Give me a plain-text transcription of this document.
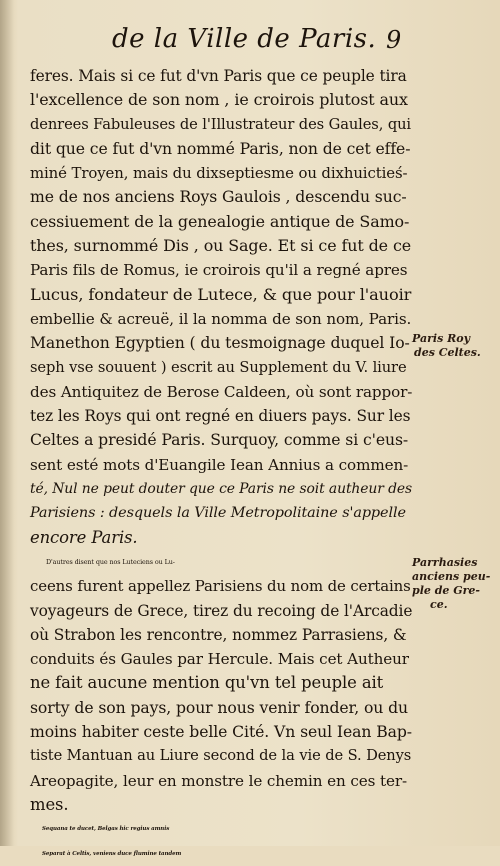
de la Ville de Paris. 9
feres. Mais si ce fut d'vn Paris que ce peuple tira
l'excellence de son nom , ie croirois plutost aux
denrees Fabuleuses de l'Illustrateur des Gaules, qui
dit que ce fut d'vn nommé Paris, non de cet effe-
miné Troyen, mais du dixseptiesme ou dixhuictieś-
me de nos anciens Roys Gaulois , descendu suc-
cessiuement de la genealogie antique de Samo-
thes, surnommé Dis , ou Sage. Et si ce fut de ce
Paris fils de Romus, ie croirois qu'il a regné apres
Lucus, fondateur de Lutece, & que pour l'auoir
embellie & acreuë, il la nomma de son nom, Paris.
Manethon Egyptien ( du tesmoignage duquel Io-
seph vse souuent ) escrit au Supplement du V. liure
des Antiquitez de Berose Caldeen, où sont rappor-
tez les Roys qui ont regné en diuers pays. Sur les
Celtes a presidé Paris. Surquoy, comme si c'eus-
sent esté mots d'Euangile Iean Annius a commen-
té, Nul ne peut douter que ce Paris ne soit autheur des
Parisiens : desquels la Ville Metropolitaine s'appelle
encore Paris.
D'autres disent que nos Luteciens ou Lu-
ceens furent appellez Parisiens du nom de certains
voyageurs de Grece, tirez du recoing de l'Arcadie
où Strabon les rencontre, nommez Parrasiens, &
conduits és Gaules par Hercule. Mais cet Autheur
ne fait aucune mention qu'vn tel peuple ait
sorty de son pays, pour nous venir fonder, ou du
moins habiter ceste belle Cité. Vn seul Iean Bap-
tiste Mantuan au Liure second de la vie de S. Denys
Areopagite, leur en monstre le chemin en ces ter-
mes.
Sequana te ducet, Belgas hic regius amnis
Separat à Celtis, veniens duce flumine tandem
Paris Roy
des Celtes.
Parrhasies
anciens peu-
ple de Gre-
ce.
